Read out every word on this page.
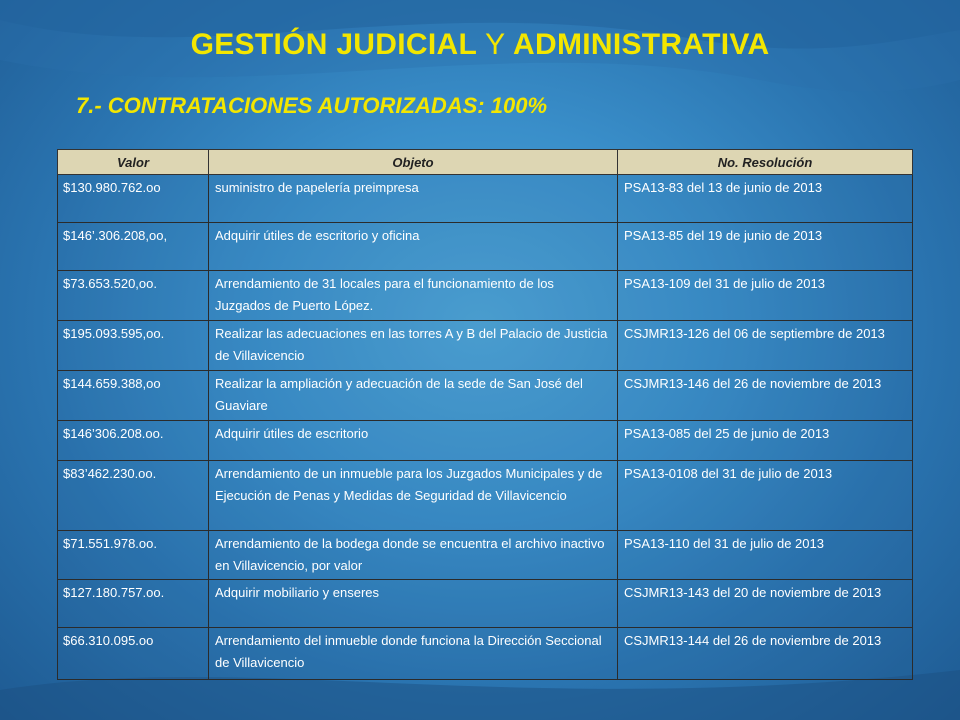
GESTIÓN JUDICIAL Y ADMINISTRATIVA
7.- CONTRATACIONES AUTORIZADAS: 100%
Valor	Objeto	No. Resolución
$130.980.762.oo	suministro de papelería preimpresa	PSA13-83 del 13 de junio de 2013
$146’.306.208,oo,	Adquirir útiles de escritorio y oficina	PSA13-85 del 19 de junio de 2013
$73.653.520,oo.	Arrendamiento de 31 locales para el funcionamiento de los Juzgados de Puerto López.	PSA13-109 del 31 de julio de 2013
$195.093.595,oo.	Realizar las adecuaciones en las torres A y B del Palacio de Justicia de Villavicencio	CSJMR13-126 del 06 de septiembre de 2013
$144.659.388,oo	Realizar la ampliación y adecuación de la sede de San José del Guaviare	CSJMR13-146 del 26 de noviembre de 2013
$146’306.208.oo.	Adquirir útiles de escritorio	PSA13-085 del 25 de junio de 2013
$83’462.230.oo.	Arrendamiento de un inmueble para los Juzgados Municipales y de Ejecución de Penas y Medidas de Seguridad de Villavicencio	PSA13-0108 del 31 de julio de 2013
$71.551.978.oo.	Arrendamiento de la bodega donde se encuentra el archivo inactivo en Villavicencio, por valor	PSA13-110 del 31 de julio de 2013
$127.180.757.oo.	Adquirir mobiliario y enseres	CSJMR13-143 del 20 de noviembre de 2013
$66.310.095.oo	Arrendamiento del inmueble donde funciona la Dirección Seccional de Villavicencio	CSJMR13-144 del 26 de noviembre de 2013
